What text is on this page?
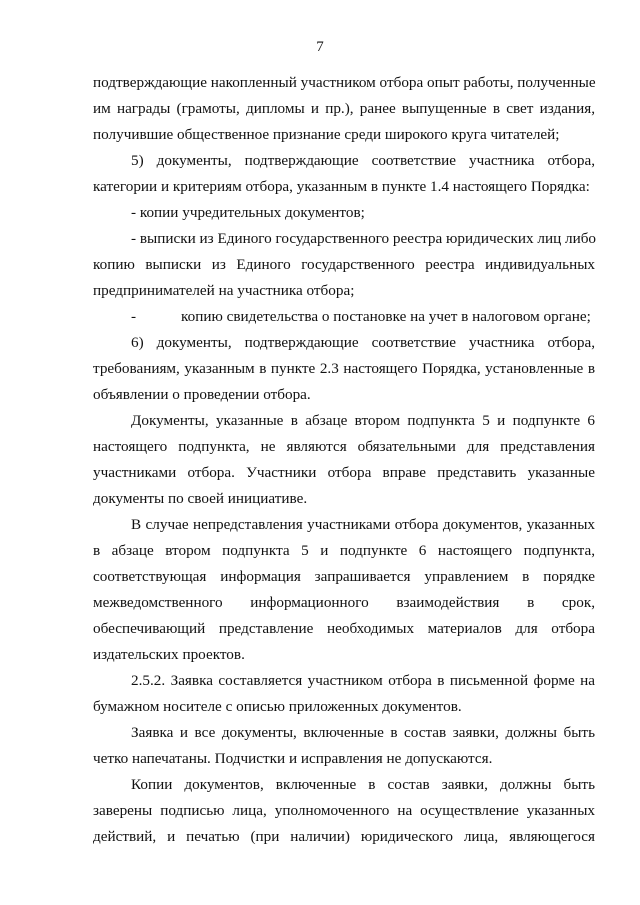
7
подтверждающие накопленный участником отбора опыт работы, полученные
им награды (грамоты, дипломы и пр.), ранее выпущенные в свет издания,
получившие общественное признание среди широкого круга читателей;
5) документы, подтверждающие соответствие участника отбора,
категории и критериям отбора, указанным в пункте 1.4 настоящего Порядка:
- копии учредительных документов;
- выписки из Единого государственного реестра юридических лиц либо
копию выписки из Единого государственного реестра индивидуальных
предпринимателей на участника отбора;
-	копию свидетельства о постановке на учет в налоговом органе;
6) документы, подтверждающие соответствие участника отбора,
требованиям, указанным в пункте 2.3 настоящего Порядка, установленные в
объявлении о проведении отбора.
Документы, указанные в абзаце втором подпункта 5 и подпункте 6
настоящего подпункта, не являются обязательными для представления
участниками отбора. Участники отбора вправе представить указанные
документы по своей инициативе.
В случае непредставления участниками отбора документов, указанных
в абзаце втором подпункта 5 и подпункте 6 настоящего подпункта,
соответствующая информация запрашивается управлением в порядке
межведомственного информационного взаимодействия в срок,
обеспечивающий представление необходимых материалов для отбора
издательских проектов.
2.5.2. Заявка составляется участником отбора в письменной форме на
бумажном носителе с описью приложенных документов.
Заявка и все документы, включенные в состав заявки, должны быть
четко напечатаны. Подчистки и исправления не допускаются.
Копии документов, включенные в состав заявки, должны быть
заверены подписью лица, уполномоченного на осуществление указанных
действий, и печатью (при наличии) юридического лица, являющегося
